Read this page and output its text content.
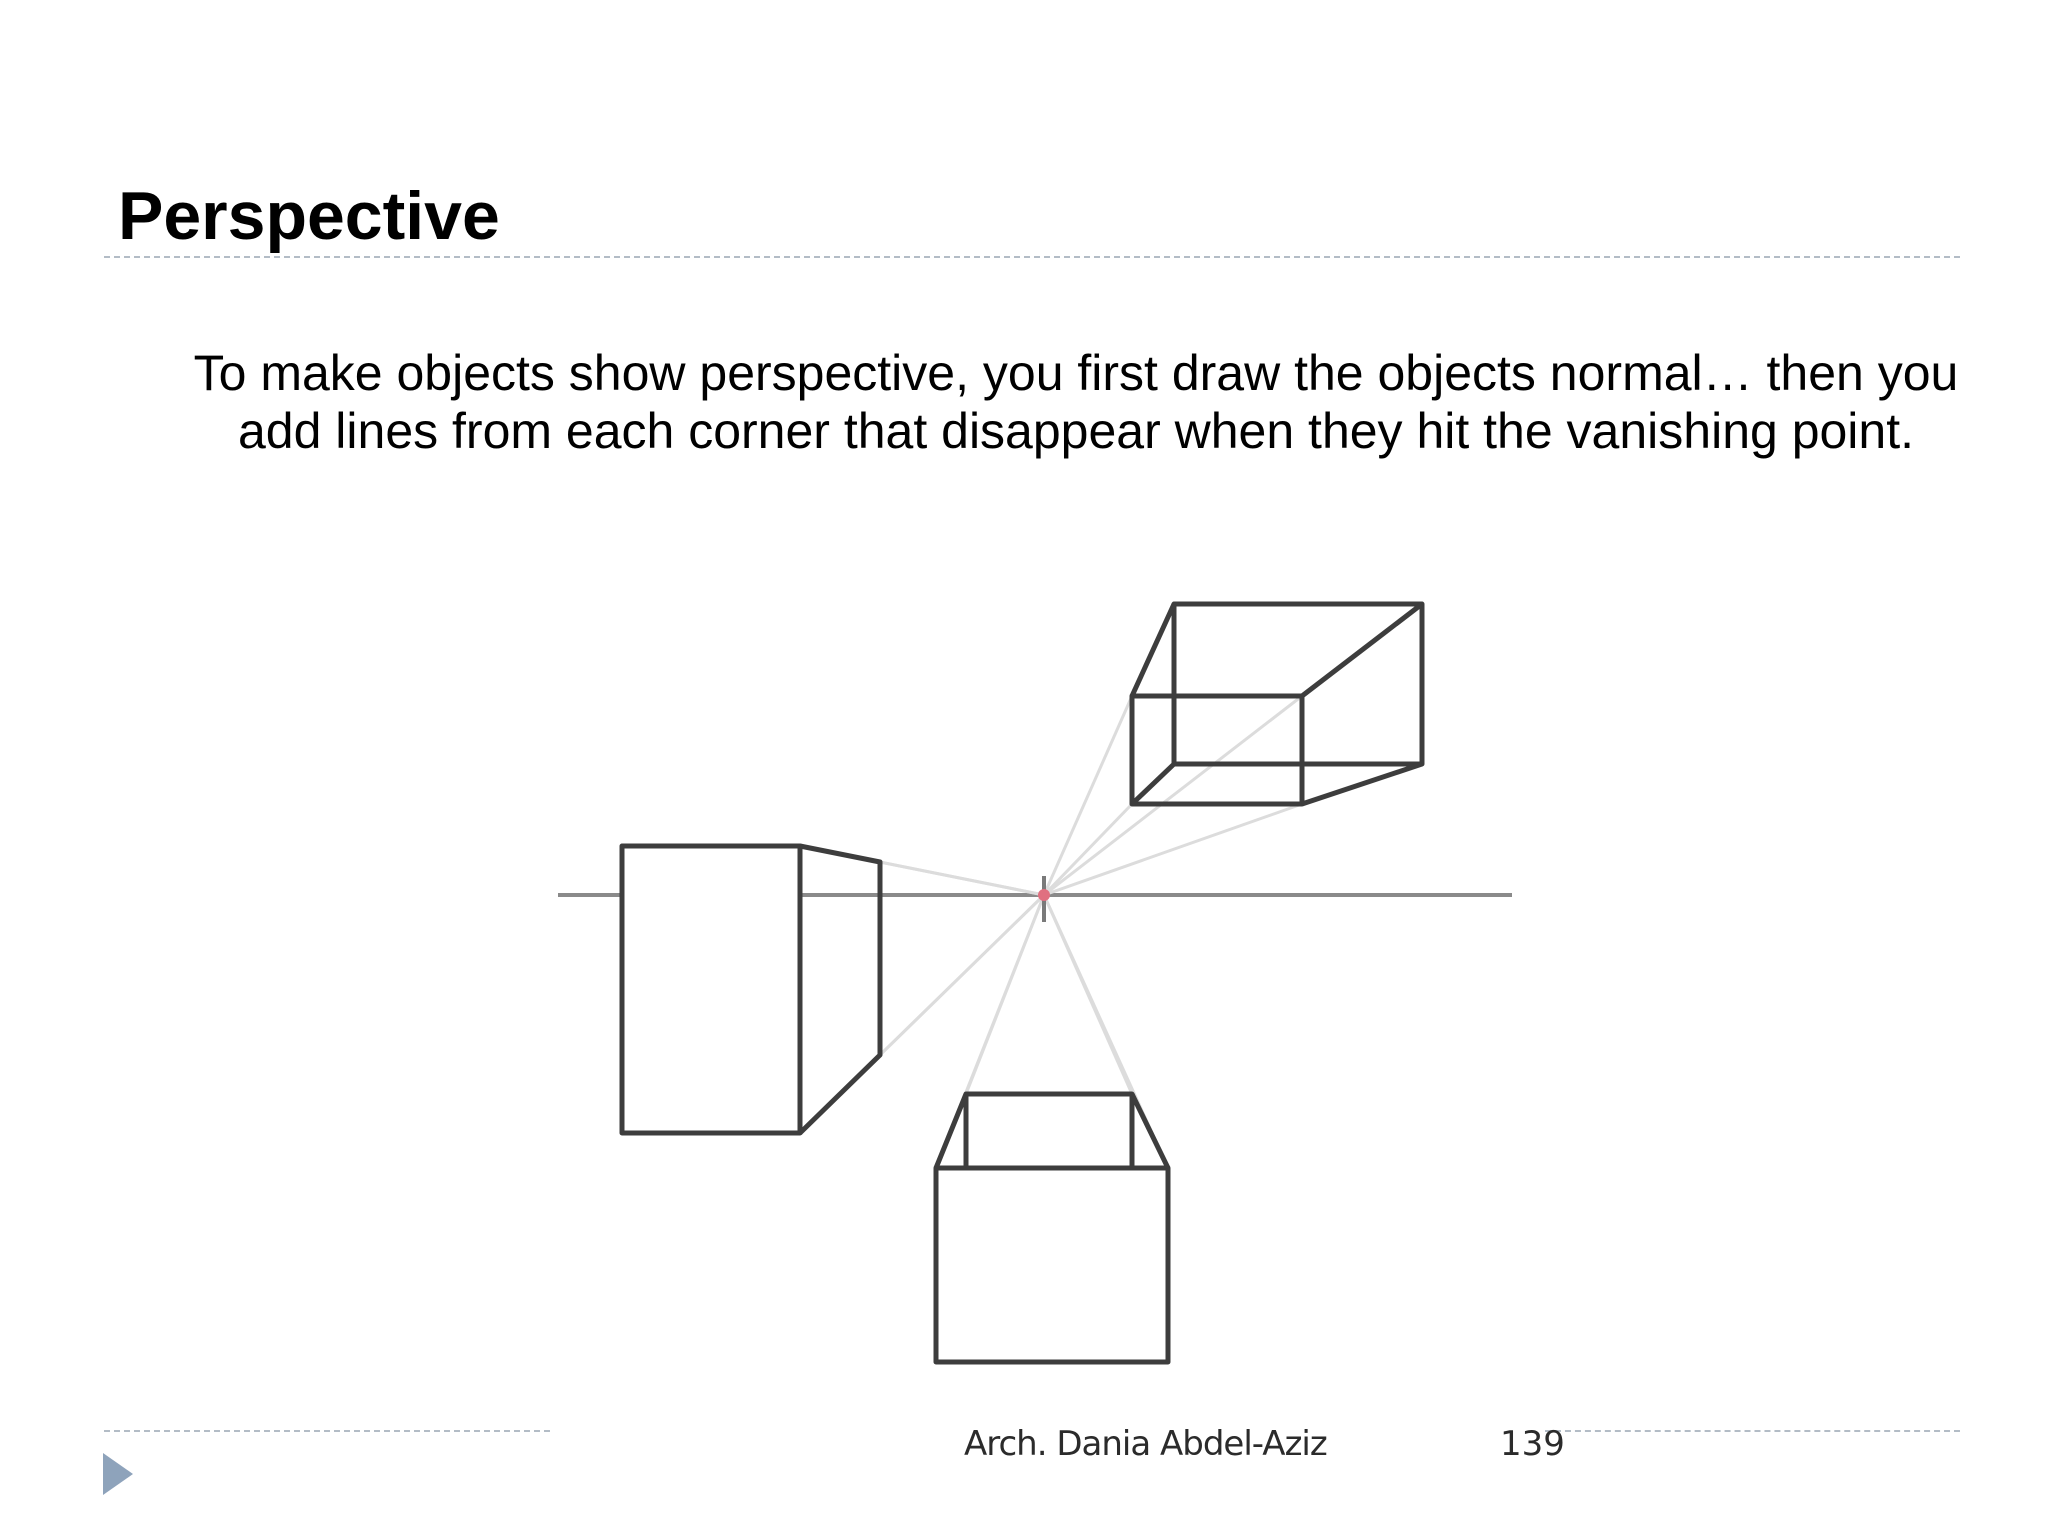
Perspective

To make objects show perspective, you first draw the objects normal… then you add lines from each corner that disappear when they hit the vanishing point.

Arch. Dania Abdel-Aziz	139
